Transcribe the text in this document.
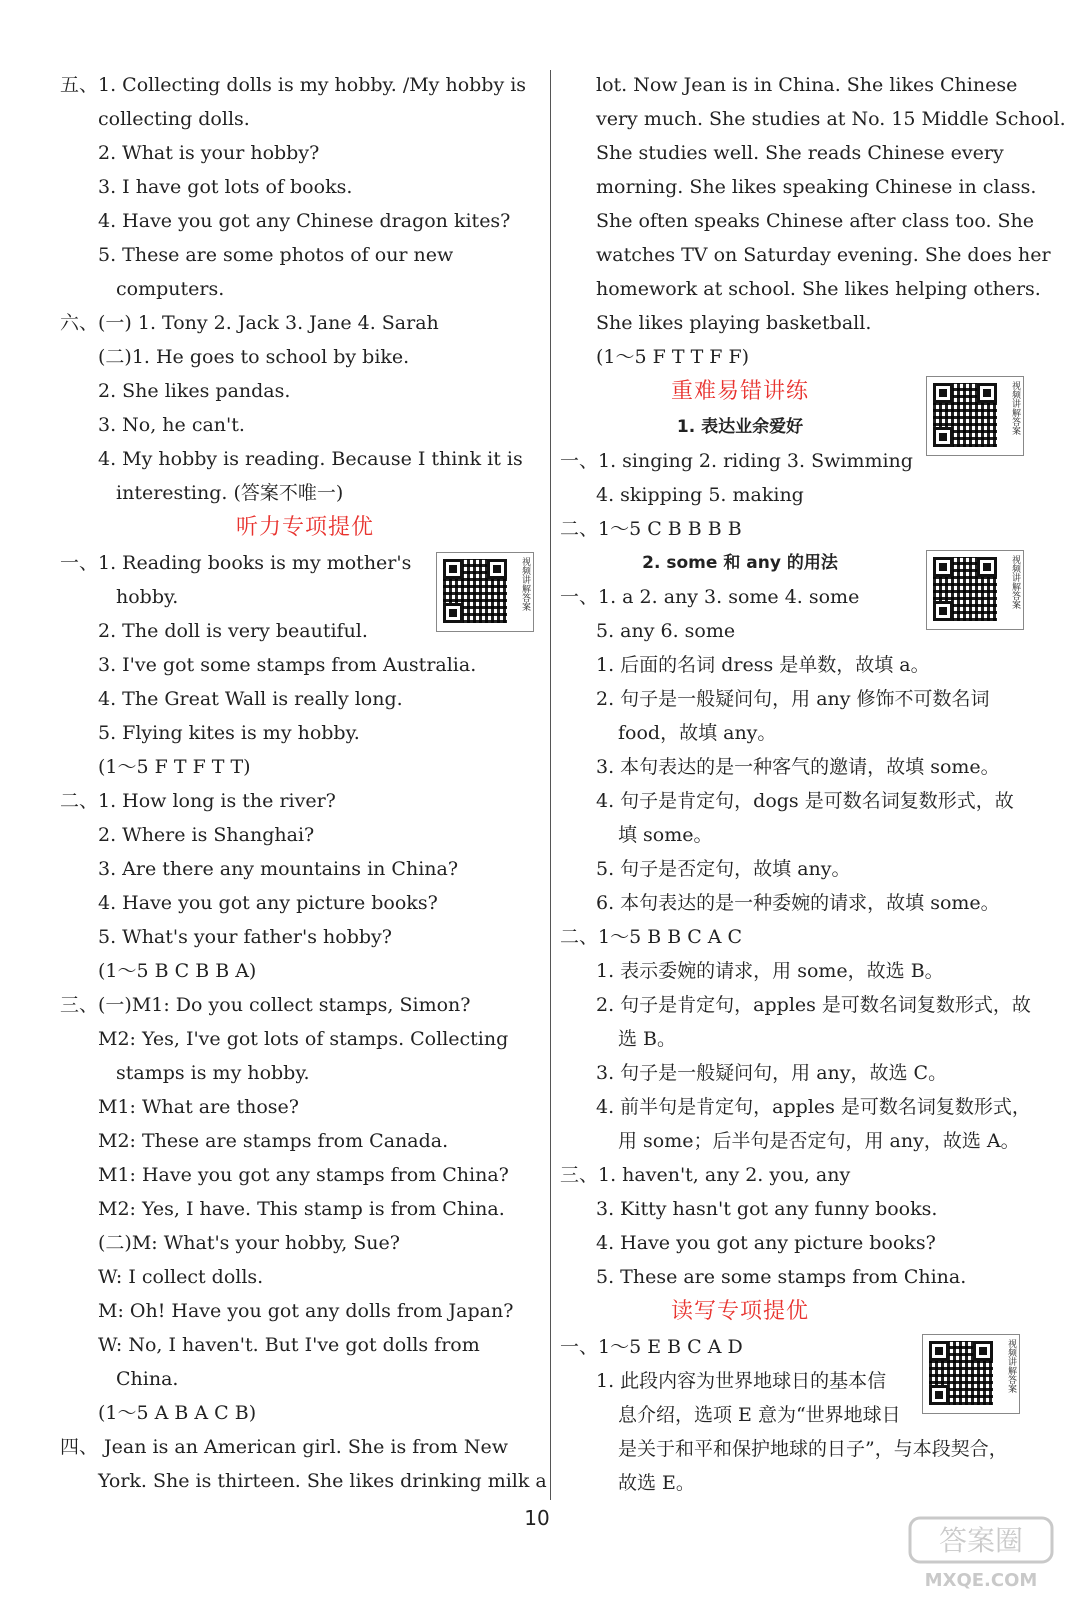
五、1. Collecting dolls is my hobby. /My hobby is
collecting dolls.
2. What is your hobby?
3. I have got lots of books.
4. Have you got any Chinese dragon kites?
5. These are some photos of our new
computers.
六、(一) 1. Tony 2. Jack 3. Jane 4. Sarah
(二)1. He goes to school by bike.
2. She likes pandas.
3. No, he can't.
4. My hobby is reading. Because I think it is
interesting. (答案不唯一)
听力专项提优
一、1. Reading books is my mother's
hobby.
2. The doll is very beautiful.
3. I've got some stamps from Australia.
4. The Great Wall is really long.
5. Flying kites is my hobby.
(1～5 F T F T T)
二、1. How long is the river?
2. Where is Shanghai?
3. Are there any mountains in China?
4. Have you got any picture books?
5. What's your father's hobby?
(1～5 B C B B A)
三、(一)M1: Do you collect stamps, Simon?
M2: Yes, I've got lots of stamps. Collecting
stamps is my hobby.
M1: What are those?
M2: These are stamps from Canada.
M1: Have you got any stamps from China?
M2: Yes, I have. This stamp is from China.
(二)M: What's your hobby, Sue?
W: I collect dolls.
M: Oh! Have you got any dolls from Japan?
W: No, I haven't. But I've got dolls from
China.
(1～5 A B A C B)
四、 Jean is an American girl. She is from New
York. She is thirteen. She likes drinking milk a
lot. Now Jean is in China. She likes Chinese
very much. She studies at No. 15 Middle School.
She studies well. She reads Chinese every
morning. She likes speaking Chinese in class.
She often speaks Chinese after class too. She
watches TV on Saturday evening. She does her
homework at school. She likes helping others.
She likes playing basketball.
(1～5 F T T F F)
重难易错讲练
1. 表达业余爱好
一、1. singing 2. riding 3. Swimming
4. skipping 5. making
二、1～5 C B B B B
2. some 和 any 的用法
一、1. a 2. any 3. some 4. some
5. any 6. some
1. 后面的名词 dress 是单数，故填 a。
2. 句子是一般疑问句，用 any 修饰不可数名词
food，故填 any。
3. 本句表达的是一种客气的邀请，故填 some。
4. 句子是肯定句，dogs 是可数名词复数形式，故
填 some。
5. 句子是否定句，故填 any。
6. 本句表达的是一种委婉的请求，故填 some。
二、1～5 B B C A C
1. 表示委婉的请求，用 some，故选 B。
2. 句子是肯定句，apples 是可数名词复数形式，故
选 B。
3. 句子是一般疑问句，用 any，故选 C。
4. 前半句是肯定句，apples 是可数名词复数形式，
用 some；后半句是否定句，用 any，故选 A。
三、1. haven't, any 2. you, any
3. Kitty hasn't got any funny books.
4. Have you got any picture books?
5. These are some stamps from China.
读写专项提优
一、1～5 E B C A D
1. 此段内容为世界地球日的基本信
息介绍，选项 E 意为“世界地球日
是关于和平和保护地球的日子”，与本段契合，
故选 E。
视频讲解答案
视频讲解答案
视频讲解答案
视频讲解答案
10
答案圈
MXQE.COM
